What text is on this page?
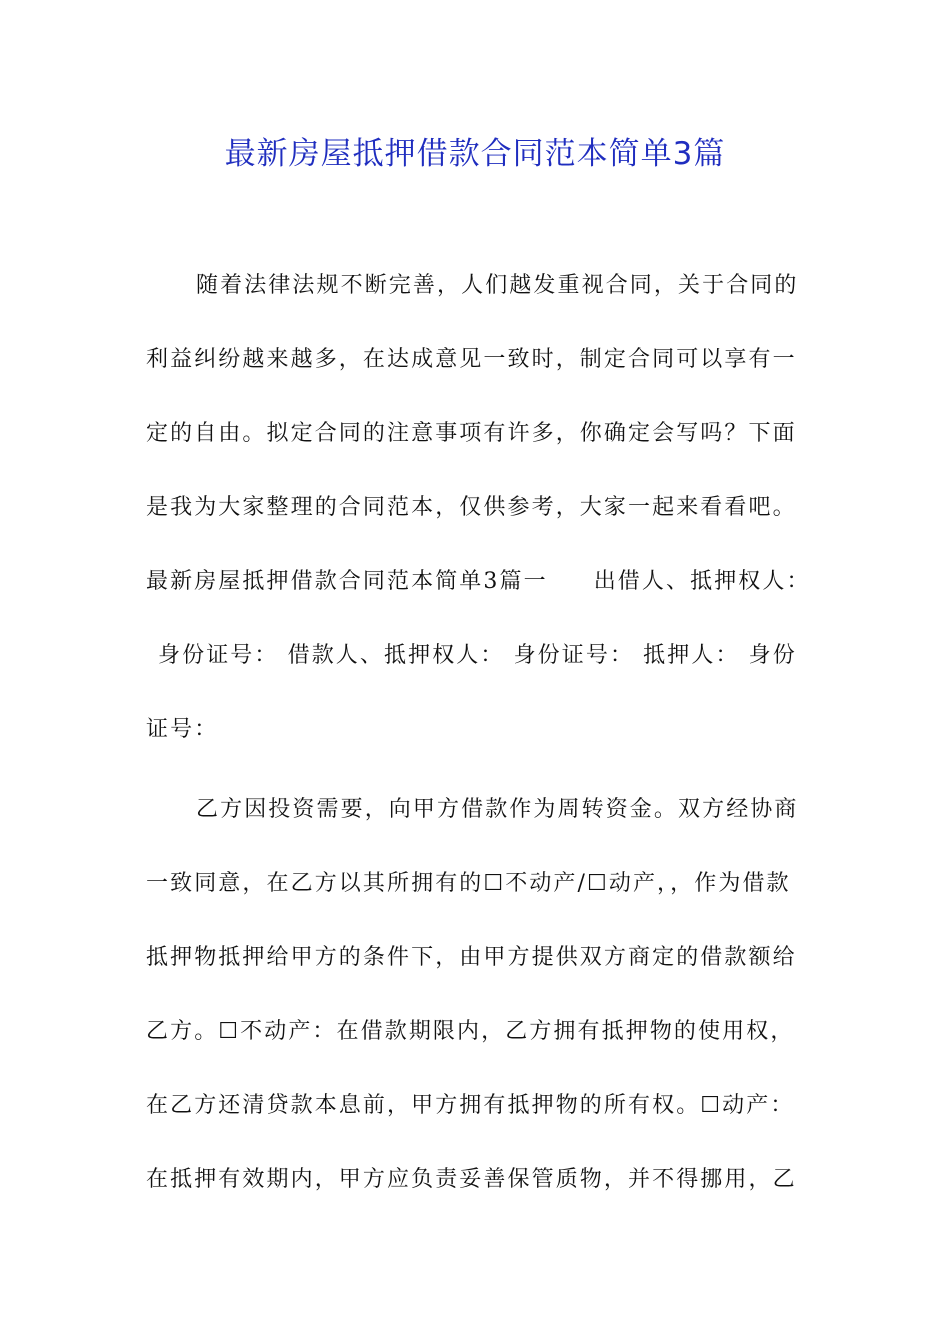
最新房屋抵押借款合同范本简单3篇
随着法律法规不断完善，人们越发重视合同，关于合同的
利益纠纷越来越多，在达成意见一致时，制定合同可以享有一
定的自由。拟定合同的注意事项有许多，你确定会写吗？下面
是我为大家整理的合同范本，仅供参考，大家一起来看看吧。
最新房屋抵押借款合同范本简单3篇一 出借人、抵押权人：
身份证号： 借款人、抵押权人： 身份证号： 抵押人： 身份
证号：
乙方因投资需要，向甲方借款作为周转资金。双方经协商
一致同意，在乙方以其所拥有的☐不动产/☐动产，，作为借款
抵押物抵押给甲方的条件下，由甲方提供双方商定的借款额给
乙方。☐不动产：在借款期限内，乙方拥有抵押物的使用权，
在乙方还清贷款本息前，甲方拥有抵押物的所有权。☐动产：
在抵押有效期内，甲方应负责妥善保管质物，并不得挪用，乙
